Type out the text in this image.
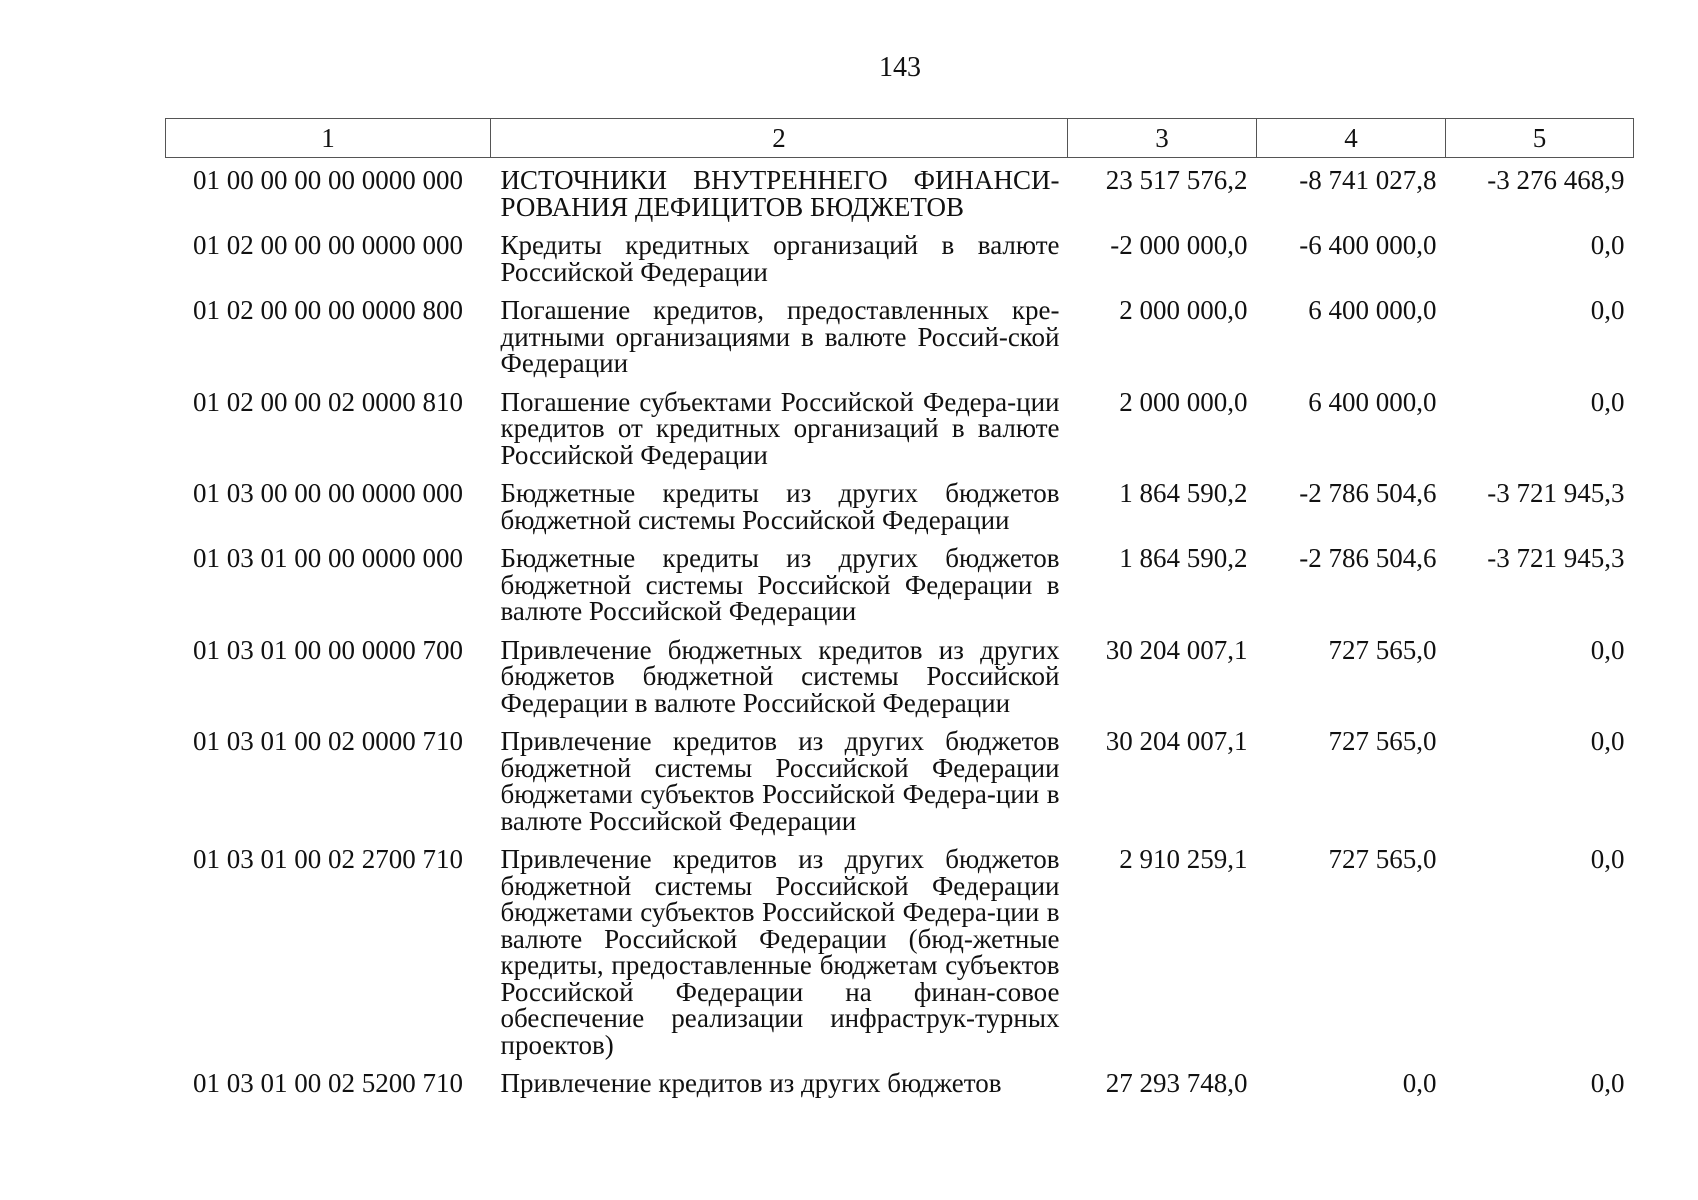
143
1	2	3	4	5
01 00 00 00 00 0000 000	ИСТОЧНИКИ ВНУТРЕННЕГО ФИНАНСИ-РОВАНИЯ ДЕФИЦИТОВ БЮДЖЕТОВ	23 517 576,2	-8 741 027,8	-3 276 468,9
01 02 00 00 00 0000 000	Кредиты кредитных организаций в валюте Российской Федерации	-2 000 000,0	-6 400 000,0	0,0
01 02 00 00 00 0000 800	Погашение кредитов, предоставленных кре-дитными организациями в валюте Россий-ской Федерации	2 000 000,0	6 400 000,0	0,0
01 02 00 00 02 0000 810	Погашение субъектами Российской Федера-ции кредитов от кредитных организаций в валюте Российской Федерации	2 000 000,0	6 400 000,0	0,0
01 03 00 00 00 0000 000	Бюджетные кредиты из других бюджетов бюджетной системы Российской Федерации	1 864 590,2	-2 786 504,6	-3 721 945,3
01 03 01 00 00 0000 000	Бюджетные кредиты из других бюджетов бюджетной системы Российской Федерации в валюте Российской Федерации	1 864 590,2	-2 786 504,6	-3 721 945,3
01 03 01 00 00 0000 700	Привлечение бюджетных кредитов из других бюджетов бюджетной системы Российской Федерации в валюте Российской Федерации	30 204 007,1	727 565,0	0,0
01 03 01 00 02 0000 710	Привлечение кредитов из других бюджетов бюджетной системы Российской Федерации бюджетами субъектов Российской Федера-ции в валюте Российской Федерации	30 204 007,1	727 565,0	0,0
01 03 01 00 02 2700 710	Привлечение кредитов из других бюджетов бюджетной системы Российской Федерации бюджетами субъектов Российской Федера-ции в валюте Российской Федерации (бюд-жетные кредиты, предоставленные бюджетам субъектов Российской Федерации на финан-совое обеспечение реализации инфраструк-турных проектов)	2 910 259,1	727 565,0	0,0
01 03 01 00 02 5200 710	Привлечение кредитов из других бюджетов	27 293 748,0	0,0	0,0
